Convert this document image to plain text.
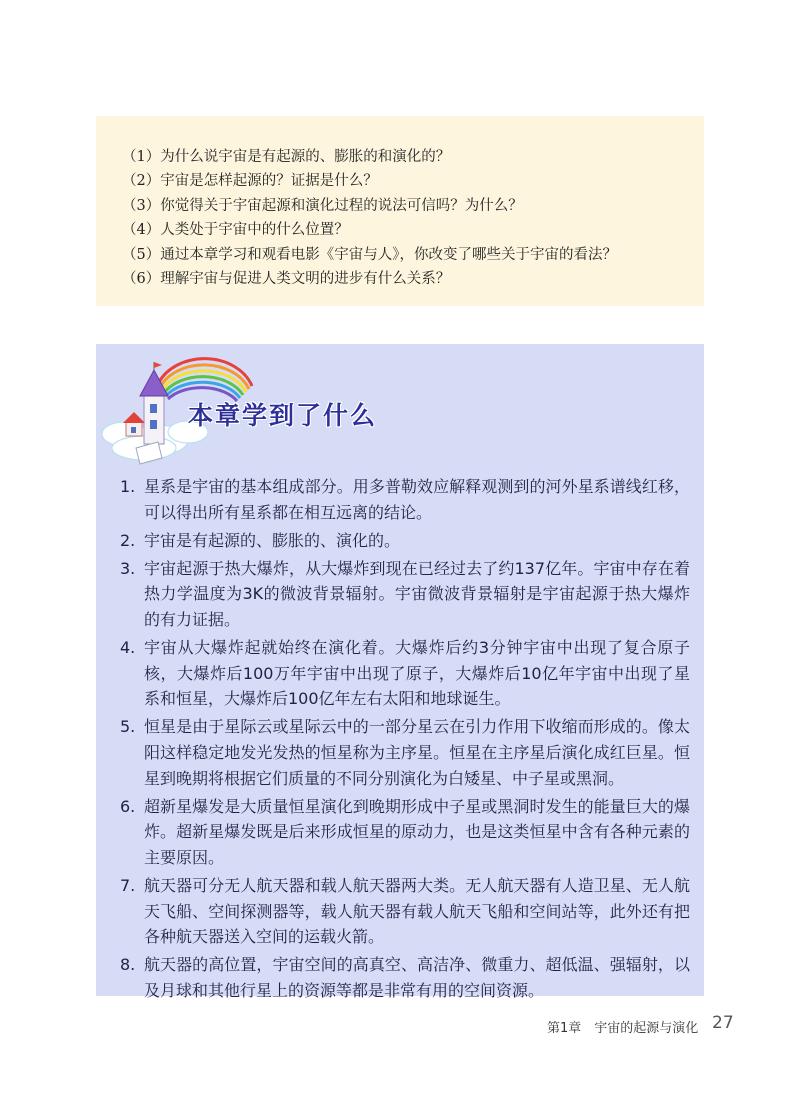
（1）为什么说宇宙是有起源的、膨胀的和演化的？
（2）宇宙是怎样起源的？证据是什么？
（3）你觉得关于宇宙起源和演化过程的说法可信吗？为什么？
（4）人类处于宇宙中的什么位置？
（5）通过本章学习和观看电影《宇宙与人》，你改变了哪些关于宇宙的看法？
（6）理解宇宙与促进人类文明的进步有什么关系？
本章学到了什么
1. 星系是宇宙的基本组成部分。用多普勒效应解释观测到的河外星系谱线红移，可以得出所有星系都在相互远离的结论。
2. 宇宙是有起源的、膨胀的、演化的。
3. 宇宙起源于热大爆炸，从大爆炸到现在已经过去了约137亿年。宇宙中存在着热力学温度为3K的微波背景辐射。宇宙微波背景辐射是宇宙起源于热大爆炸的有力证据。
4. 宇宙从大爆炸起就始终在演化着。大爆炸后约3分钟宇宙中出现了复合原子核，大爆炸后100万年宇宙中出现了原子，大爆炸后10亿年宇宙中出现了星系和恒星，大爆炸后100亿年左右太阳和地球诞生。
5. 恒星是由于星际云或星际云中的一部分星云在引力作用下收缩而形成的。像太阳这样稳定地发光发热的恒星称为主序星。恒星在主序星后演化成红巨星。恒星到晚期将根据它们质量的不同分别演化为白矮星、中子星或黑洞。
6. 超新星爆发是大质量恒星演化到晚期形成中子星或黑洞时发生的能量巨大的爆炸。超新星爆发既是后来形成恒星的原动力，也是这类恒星中含有各种元素的主要原因。
7. 航天器可分无人航天器和载人航天器两大类。无人航天器有人造卫星、无人航天飞船、空间探测器等，载人航天器有载人航天飞船和空间站等，此外还有把各种航天器送入空间的运载火箭。
8. 航天器的高位置，宇宙空间的高真空、高洁净、微重力、超低温、强辐射，以及月球和其他行星上的资源等都是非常有用的空间资源。
第1章　宇宙的起源与演化 27
